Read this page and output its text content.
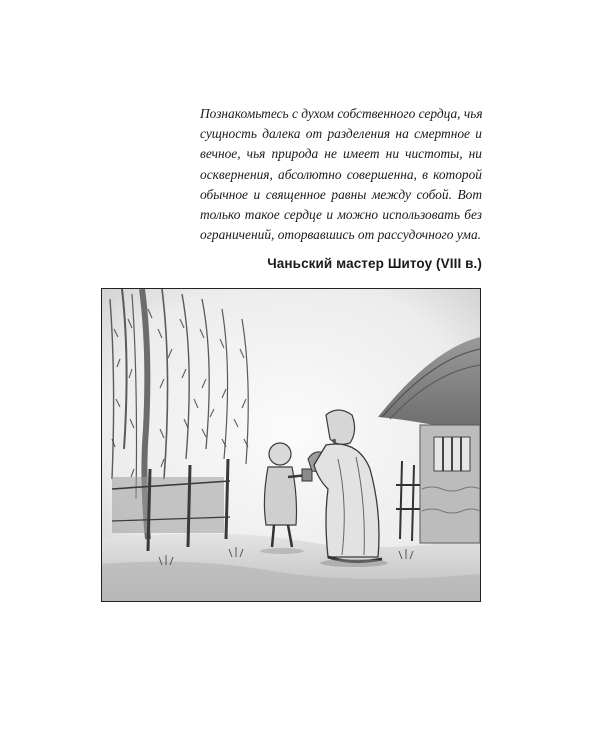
Познакомьтесь с духом собственного сердца, чья
сущность далека от разделения на смертное и
вечное, чья природа не имеет ни чистоты, ни
осквернения, абсолютно совершенна, в которой
обычное и священное равны между собой. Вот
только такое сердце и можно использовать без
ограничений, оторвавшись от рассудочного ума.

Чаньский мастер Шитоу (VIII в.)
